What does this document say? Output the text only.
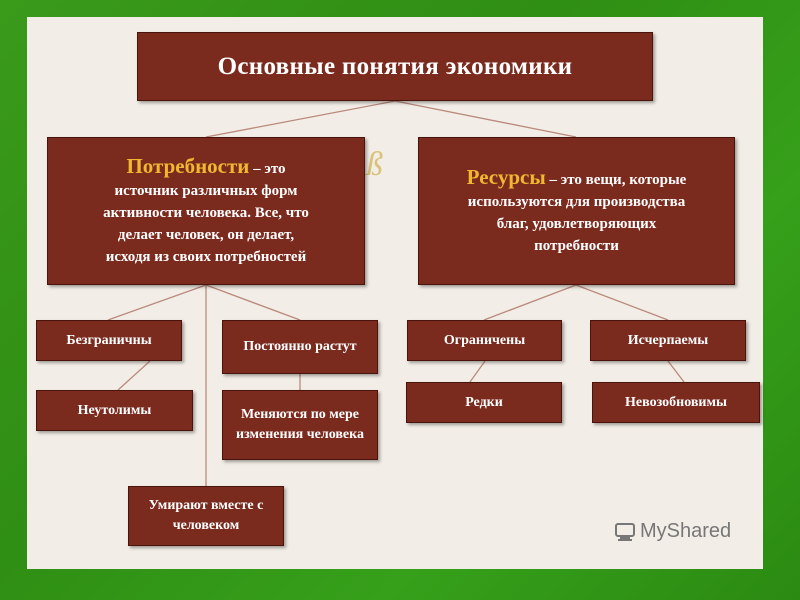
ß
Основные понятия экономики
Потребности – это
источник различных форм
активности человека. Все, что
делает человек, он делает,
исходя из своих потребностей
Ресурсы – это вещи, которые
используются для производства
благ, удовлетворяющих
потребности
Безграничны
Неутолимы
Постоянно растут
Меняются по мере изменения человека
Умирают вместе с человеком
Ограничены	Исчерпаемы
Редки	Невозобновимы
MyShared
